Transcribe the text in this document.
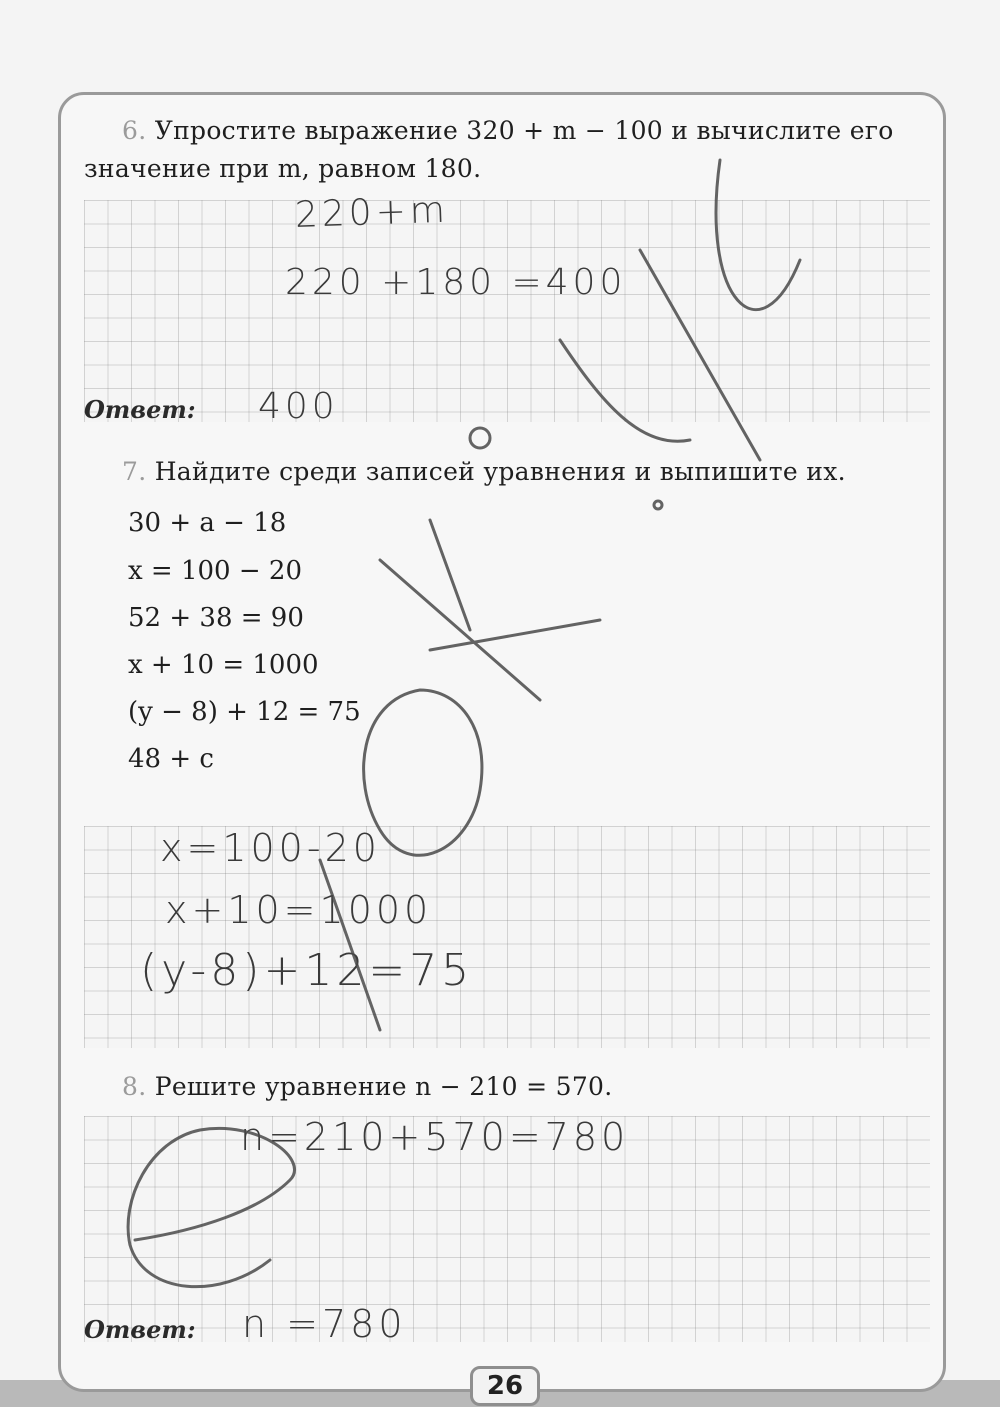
6. Упростите выражение 320 + m − 100 и вычислите его
значение при m, равном 180.
220+m
220 +180 =400
Ответ: 400
7. Найдите среди записей уравнения и выпишите их.
30 + a − 18
x = 100 − 20
52 + 38 = 90
x + 10 = 1000
(y − 8) + 12 = 75
48 + c
x=100-20
x+10=1000
(y-8)+12=75
8. Решите уравнение n − 210 = 570.
n=210+570=780
Ответ: n =780
26
